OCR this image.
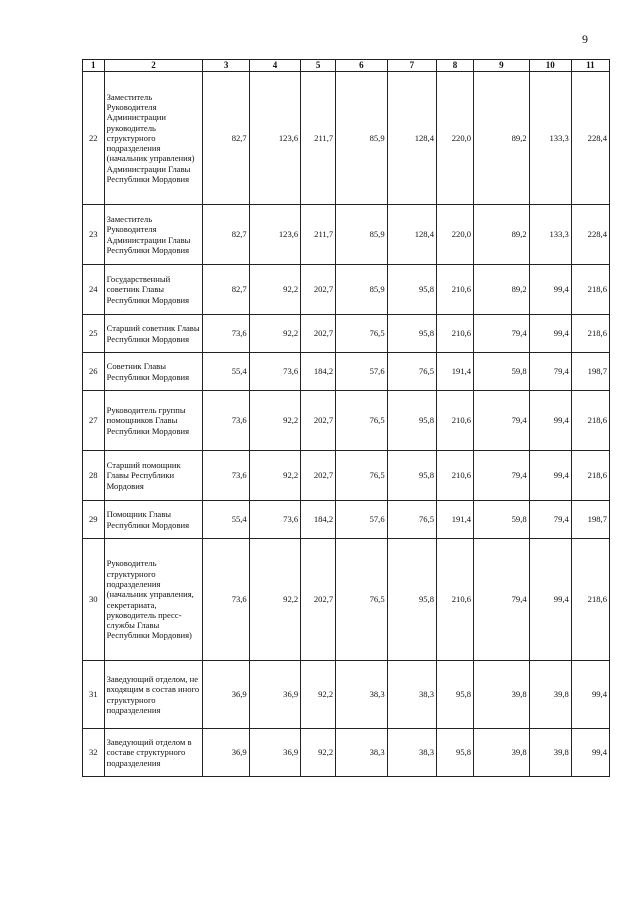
9
1	2	3	4	5	6	7	8	9	10	11
22	Заместитель Руководителя Администрации руководитель структурного подразделения (начальник управления) Администрации Главы Республики Мордовия	82,7	123,6	211,7	85,9	128,4	220,0	89,2	133,3	228,4
23	Заместитель Руководителя Администрации Главы Республики Мордовия	82,7	123,6	211,7	85,9	128,4	220,0	89,2	133,3	228,4
24	Государственный советник Главы Республики Мордовия	82,7	92,2	202,7	85,9	95,8	210,6	89,2	99,4	218,6
25	Старший советник Главы Республики Мордовия	73,6	92,2	202,7	76,5	95,8	210,6	79,4	99,4	218,6
26	Советник Главы Республики Мордовия	55,4	73,6	184,2	57,6	76,5	191,4	59,8	79,4	198,7
27	Руководитель группы помощников Главы Республики Мордовия	73,6	92,2	202,7	76,5	95,8	210,6	79,4	99,4	218,6
28	Старший помощник Главы Республики Мордовия	73,6	92,2	202,7	76,5	95,8	210,6	79,4	99,4	218,6
29	Помощник Главы Республики Мордовия	55,4	73,6	184,2	57,6	76,5	191,4	59,8	79,4	198,7
30	Руководитель структурного подразделения (начальник управления, секретариата, руководитель пресс-службы Главы Республики Мордовия)	73,6	92,2	202,7	76,5	95,8	210,6	79,4	99,4	218,6
31	Заведующий отделом, не входящим в состав иного структурного подразделения	36,9	36,9	92,2	38,3	38,3	95,8	39,8	39,8	99,4
32	Заведующий отделом в составе структурного подразделения	36,9	36,9	92,2	38,3	38,3	95,8	39,8	39,8	99,4
